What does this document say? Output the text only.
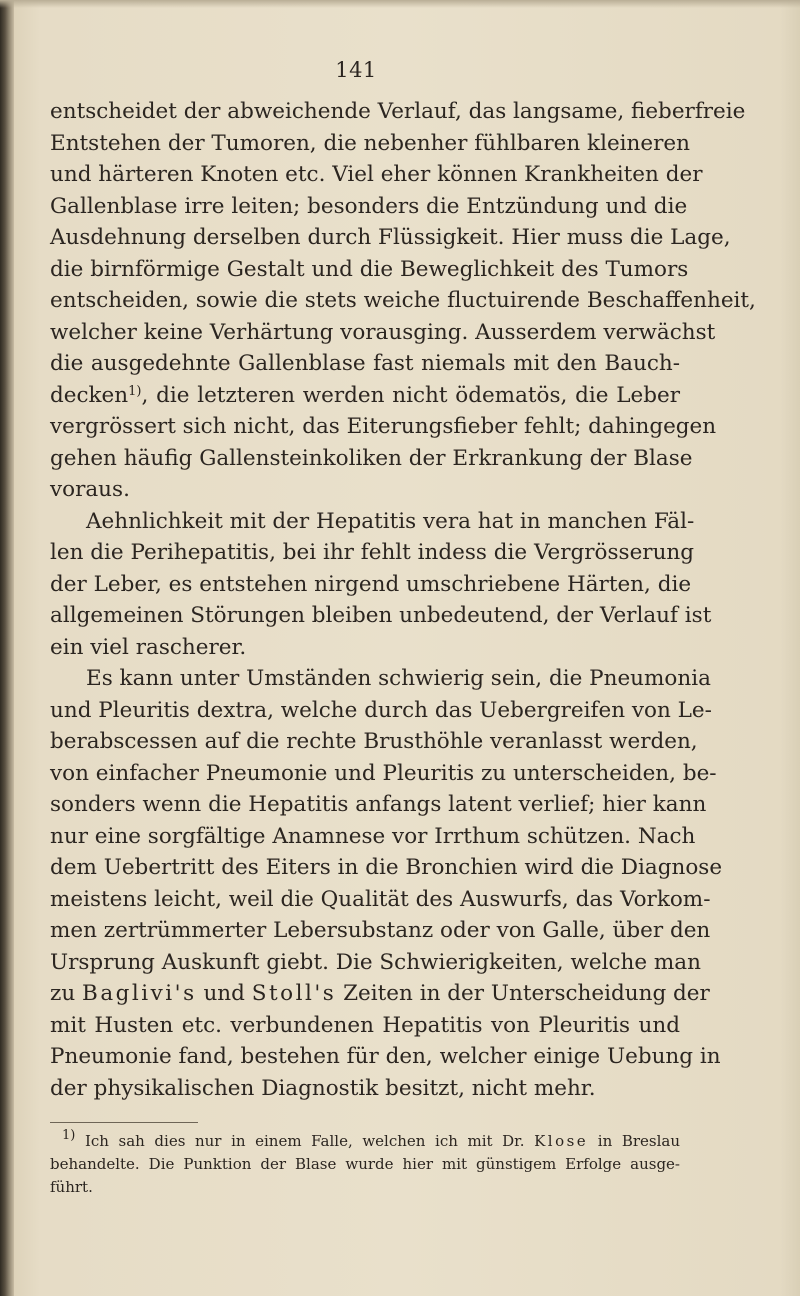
141
entscheidet der abweichende Verlauf, das langsame, fieberfreie
Entstehen der Tumoren, die nebenher fühlbaren kleineren
und härteren Knoten etc. Viel eher können Krankheiten der
Gallenblase irre leiten; besonders die Entzündung und die
Ausdehnung derselben durch Flüssigkeit. Hier muss die Lage,
die birnförmige Gestalt und die Beweglichkeit des Tumors
entscheiden, sowie die stets weiche fluctuirende Beschaffenheit,
welcher keine Verhärtung vorausging. Ausserdem verwächst
die ausgedehnte Gallenblase fast niemals mit den Bauch-
decken$^{1)}$, die letzteren werden nicht ödematös, die Leber
vergrössert sich nicht, das Eiterungsfieber fehlt; dahingegen
gehen häufig Gallensteinkoliken der Erkrankung der Blase
voraus.
Aehnlichkeit mit der Hepatitis vera hat in manchen Fäl-
len die Perihepatitis, bei ihr fehlt indess die Vergrösserung
der Leber, es entstehen nirgend umschriebene Härten, die
allgemeinen Störungen bleiben unbedeutend, der Verlauf ist
ein viel rascherer.
Es kann unter Umständen schwierig sein, die Pneumonia
und Pleuritis dextra, welche durch das Uebergreifen von Le-
berabscessen auf die rechte Brusthöhle veranlasst werden,
von einfacher Pneumonie und Pleuritis zu unterscheiden, be-
sonders wenn die Hepatitis anfangs latent verlief; hier kann
nur eine sorgfältige Anamnese vor Irrthum schützen. Nach
dem Uebertritt des Eiters in die Bronchien wird die Diagnose
meistens leicht, weil die Qualität des Auswurfs, das Vorkom-
men zertrümmerter Lebersubstanz oder von Galle, über den
Ursprung Auskunft giebt. Die Schwierigkeiten, welche man
zu Baglivi's und Stoll's Zeiten in der Unterscheidung der
mit Husten etc. verbundenen Hepatitis von Pleuritis und
Pneumonie fand, bestehen für den, welcher einige Uebung in
der physikalischen Diagnostik besitzt, nicht mehr.
$^{1)}$ Ich sah dies nur in einem Falle, welchen ich mit Dr. Klose in Breslau
behandelte. Die Punktion der Blase wurde hier mit günstigem Erfolge ausge-
führt.
